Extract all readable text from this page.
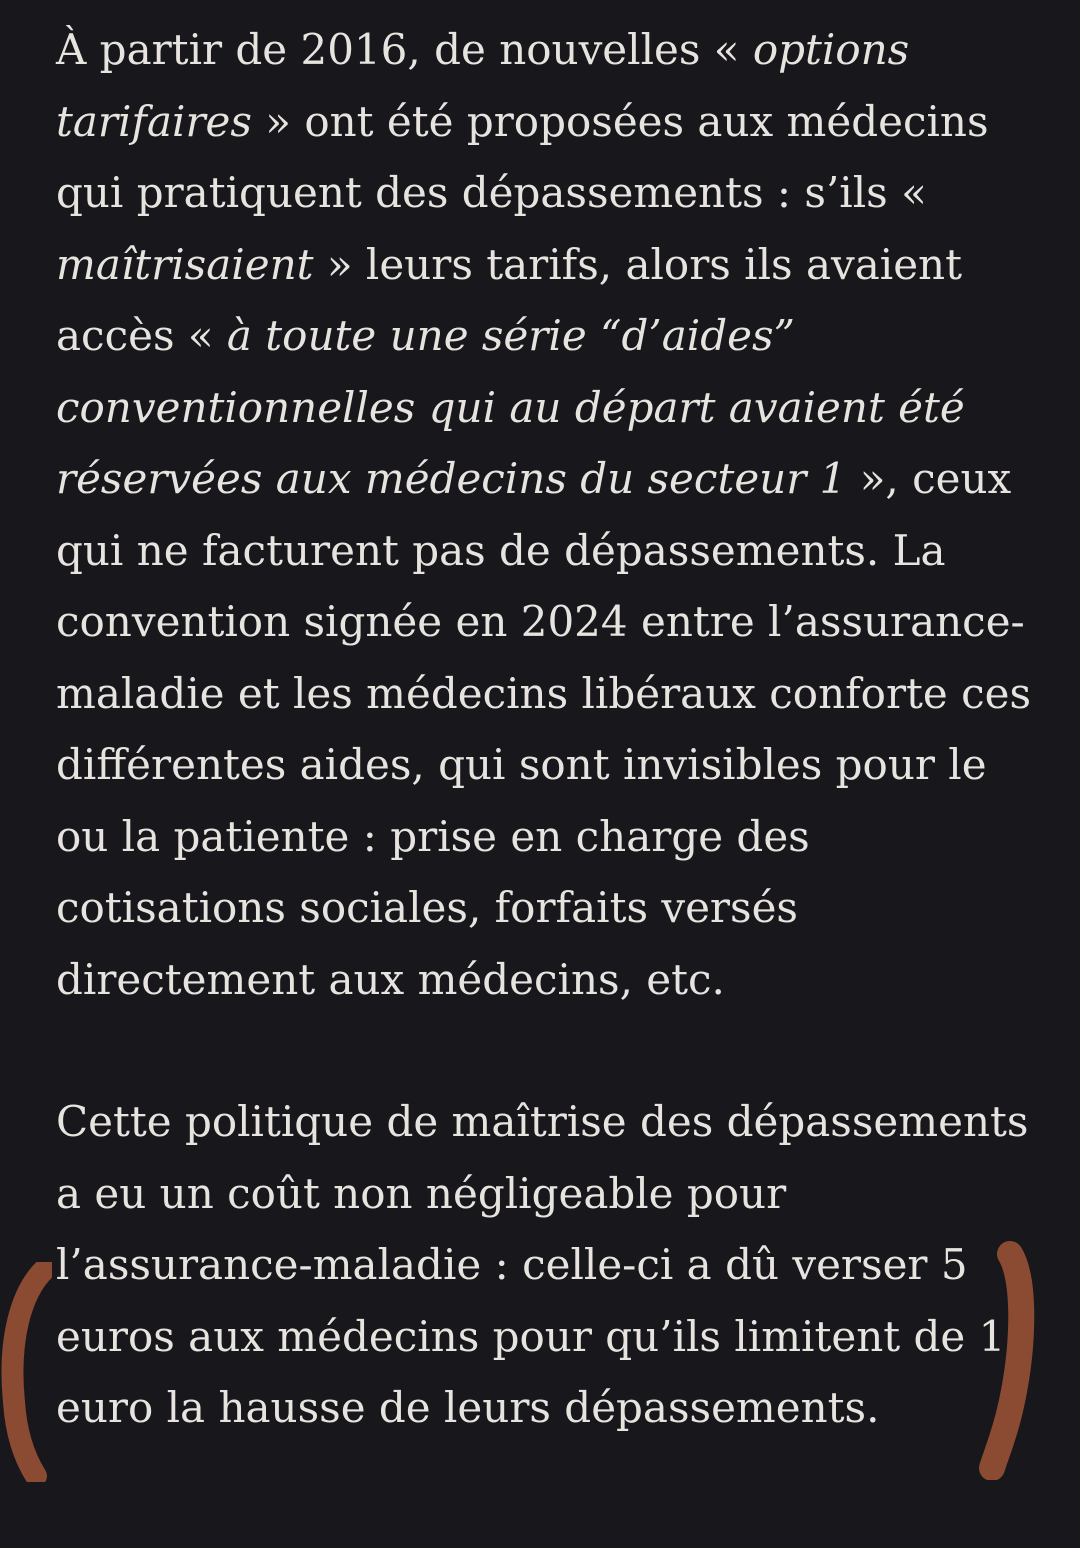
À partir de 2016, de nouvelles « options tarifaires » ont été proposées aux médecins qui pratiquent des dépassements : s’ils « maîtrisaient » leurs tarifs, alors ils avaient accès « à toute une série “d’aides” conventionnelles qui au départ avaient été réservées aux médecins du secteur 1 », ceux qui ne facturent pas de dépassements. La convention signée en 2024 entre l’assurance-maladie et les médecins libéraux conforte ces différentes aides, qui sont invisibles pour le ou la patiente : prise en charge des cotisations sociales, forfaits versés directement aux médecins, etc.

Cette politique de maîtrise des dépassements a eu un coût non négligeable pour l’assurance-maladie : celle-ci a dû verser 5 euros aux médecins pour qu’ils limitent de 1 euro la hausse de leurs dépassements.
